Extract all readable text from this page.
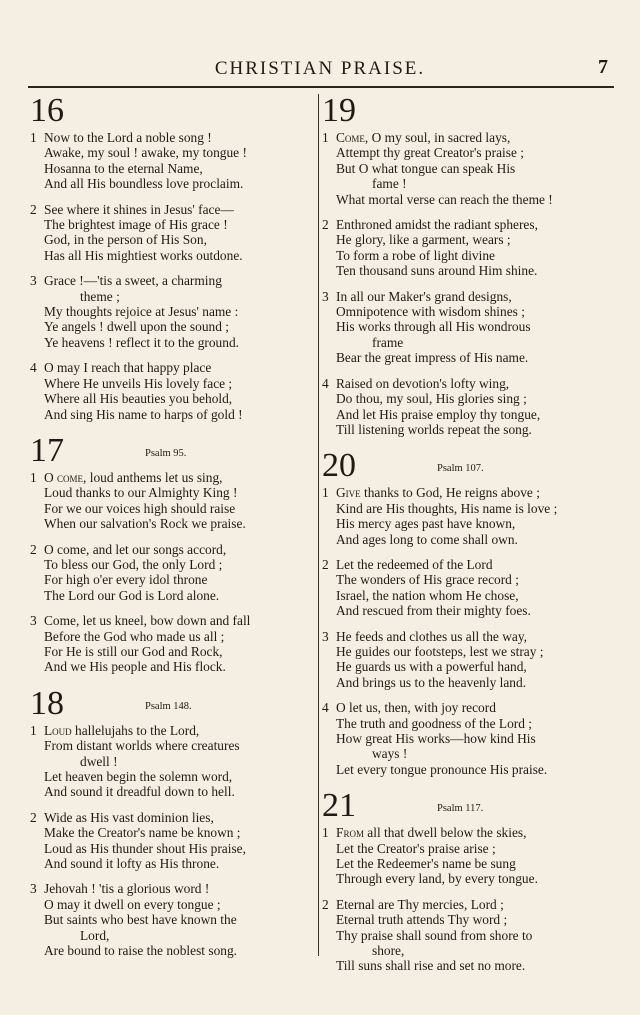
CHRISTIAN PRAISE.	7
16
1 Now to the Lord a noble song !
Awake, my soul ! awake, my tongue !
Hosanna to the eternal Name,
And all His boundless love proclaim.
2 See where it shines in Jesus' face—
The brightest image of His grace !
God, in the person of His Son,
Has all His mightiest works outdone.
3 Grace !—'tis a sweet, a charming
theme ;
My thoughts rejoice at Jesus' name :
Ye angels ! dwell upon the sound ;
Ye heavens ! reflect it to the ground.
4 O may I reach that happy place
Where He unveils His lovely face ;
Where all His beauties you behold,
And sing His name to harps of gold !
17	Psalm 95.
1 O come, loud anthems let us sing,
Loud thanks to our Almighty King !
For we our voices high should raise
When our salvation's Rock we praise.
2 O come, and let our songs accord,
To bless our God, the only Lord ;
For high o'er every idol throne
The Lord our God is Lord alone.
3 Come, let us kneel, bow down and fall
Before the God who made us all ;
For He is still our God and Rock,
And we His people and His flock.
18	Psalm 148.
1 Loud hallelujahs to the Lord,
From distant worlds where creatures
dwell !
Let heaven begin the solemn word,
And sound it dreadful down to hell.
2 Wide as His vast dominion lies,
Make the Creator's name be known ;
Loud as His thunder shout His praise,
And sound it lofty as His throne.
3 Jehovah ! 'tis a glorious word !
O may it dwell on every tongue ;
But saints who best have known the
Lord,
Are bound to raise the noblest song.
19
1 Come, O my soul, in sacred lays,
Attempt thy great Creator's praise ;
But O what tongue can speak His
fame !
What mortal verse can reach the theme !
2 Enthroned amidst the radiant spheres,
He glory, like a garment, wears ;
To form a robe of light divine
Ten thousand suns around Him shine.
3 In all our Maker's grand designs,
Omnipotence with wisdom shines ;
His works through all His wondrous
frame
Bear the great impress of His name.
4 Raised on devotion's lofty wing,
Do thou, my soul, His glories sing ;
And let His praise employ thy tongue,
Till listening worlds repeat the song.
20	Psalm 107.
1 Give thanks to God, He reigns above ;
Kind are His thoughts, His name is love ;
His mercy ages past have known,
And ages long to come shall own.
2 Let the redeemed of the Lord
The wonders of His grace record ;
Israel, the nation whom He chose,
And rescued from their mighty foes.
3 He feeds and clothes us all the way,
He guides our footsteps, lest we stray ;
He guards us with a powerful hand,
And brings us to the heavenly land.
4 O let us, then, with joy record
The truth and goodness of the Lord ;
How great His works—how kind His
ways !
Let every tongue pronounce His praise.
21	Psalm 117.
1 From all that dwell below the skies,
Let the Creator's praise arise ;
Let the Redeemer's name be sung
Through every land, by every tongue.
2 Eternal are Thy mercies, Lord ;
Eternal truth attends Thy word ;
Thy praise shall sound from shore to
shore,
Till suns shall rise and set no more.
